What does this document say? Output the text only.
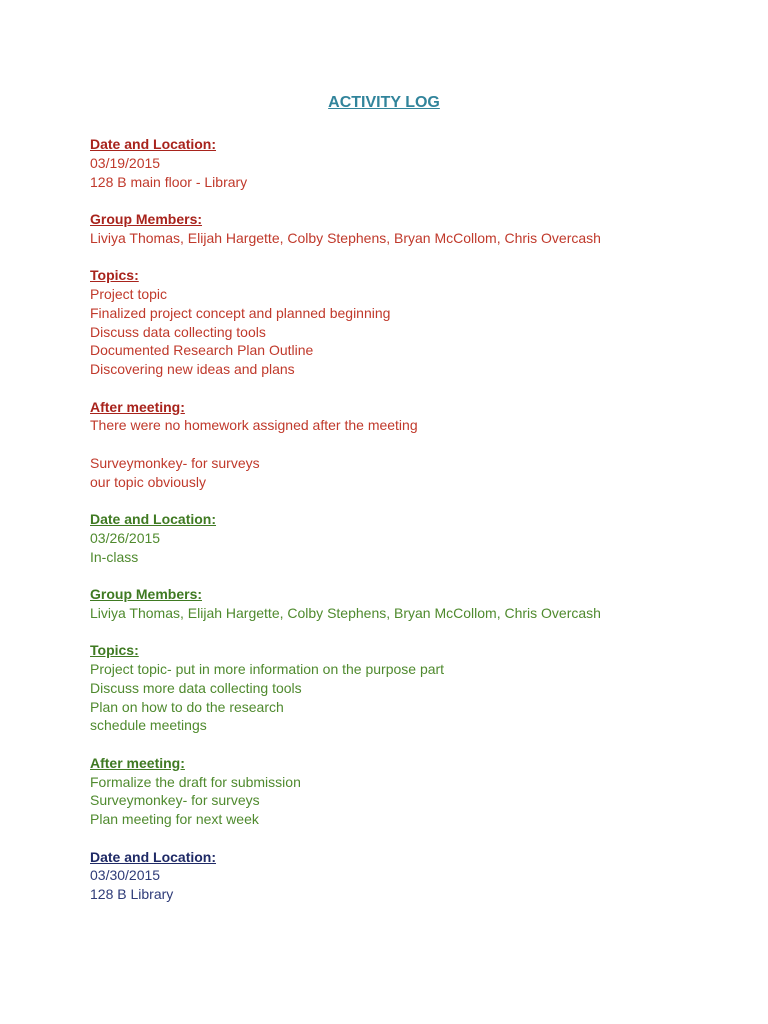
ACTIVITY LOG
Date and Location:
03/19/2015
128 B main floor - Library
Group Members:
Liviya Thomas, Elijah Hargette, Colby Stephens, Bryan McCollom, Chris Overcash
Topics:
Project topic
Finalized project concept and planned beginning
Discuss data collecting tools
Documented Research Plan Outline
Discovering new ideas and plans
After meeting:
There were no homework assigned after the meeting
Surveymonkey- for surveys
our topic obviously
Date and Location:
03/26/2015
In-class
Group Members:
Liviya Thomas, Elijah Hargette, Colby Stephens, Bryan McCollom, Chris Overcash
Topics:
Project topic- put in more information on the purpose part
Discuss more data collecting tools
Plan on how to do the research
schedule meetings
After meeting:
Formalize the draft for submission
Surveymonkey- for surveys
Plan meeting for next week
Date and Location:
03/30/2015
128 B Library
